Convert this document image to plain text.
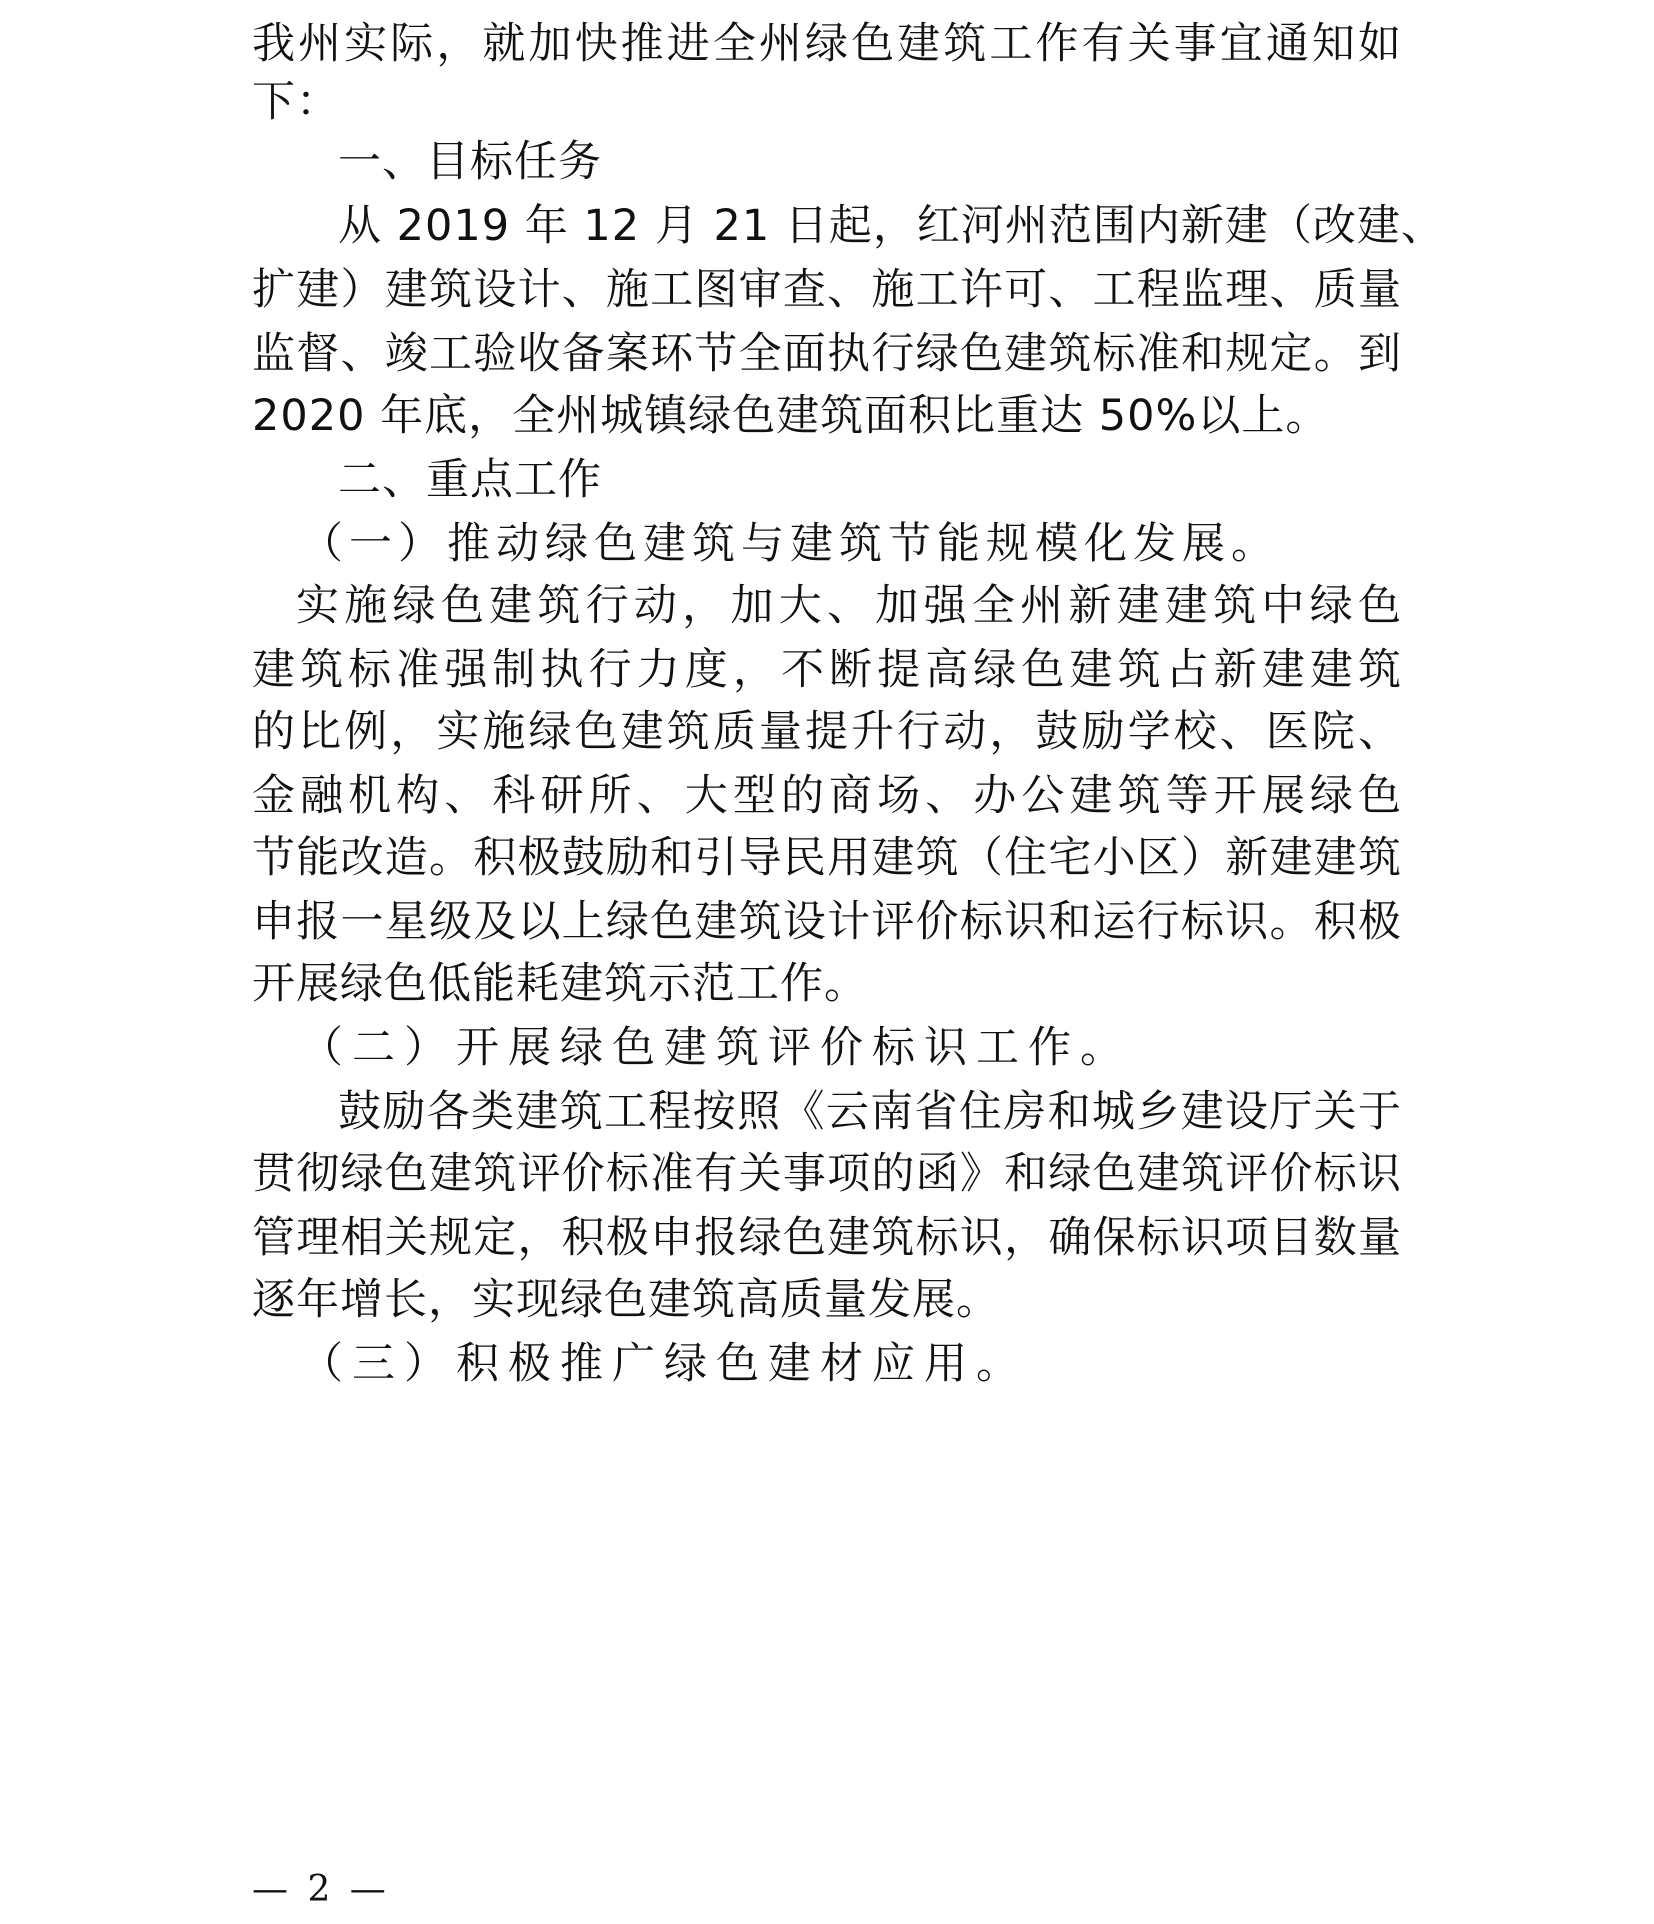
我州实际，就加快推进全州绿色建筑工作有关事宜通知如
下：
一、目标任务
从 2019 年 12 月 21 日起，红河州范围内新建（改建、
扩建）建筑设计、施工图审查、施工许可、工程监理、质量
监督、竣工验收备案环节全面执行绿色建筑标准和规定。到
2020 年底，全州城镇绿色建筑面积比重达 50%以上。
二、重点工作
（一）推动绿色建筑与建筑节能规模化发展。
实施绿色建筑行动，加大、加强全州新建建筑中绿色
建筑标准强制执行力度，不断提高绿色建筑占新建建筑
的比例，实施绿色建筑质量提升行动，鼓励学校、医院、
金融机构、科研所、大型的商场、办公建筑等开展绿色
节能改造。积极鼓励和引导民用建筑（住宅小区）新建建筑
申报一星级及以上绿色建筑设计评价标识和运行标识。积极
开展绿色低能耗建筑示范工作。
（二）开展绿色建筑评价标识工作。
鼓励各类建筑工程按照《云南省住房和城乡建设厅关于
贯彻绿色建筑评价标准有关事项的函》和绿色建筑评价标识
管理相关规定，积极申报绿色建筑标识，确保标识项目数量
逐年增长，实现绿色建筑高质量发展。
（三）积极推广绿色建材应用。
— 2 —
